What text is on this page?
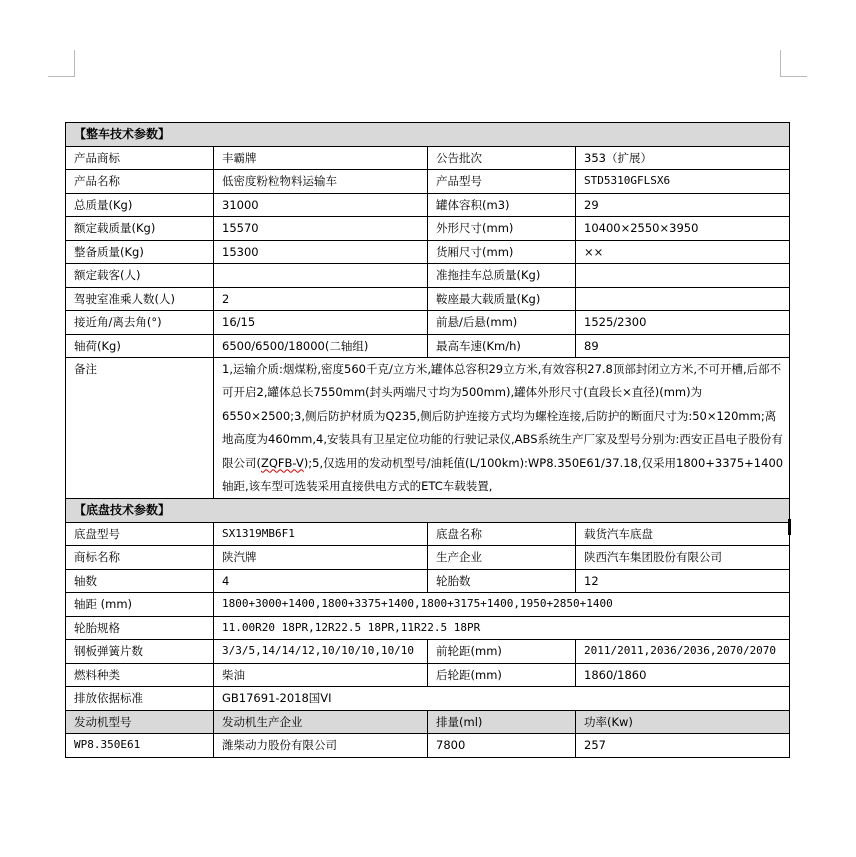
【整车技术参数】			
产品商标	丰霸牌	公告批次	353（扩展）
产品名称	低密度粉粒物料运输车	产品型号	STD5310GFLSX6
总质量(Kg)	31000	罐体容积(m3)	29
额定载质量(Kg)	15570	外形尺寸(mm)	10400×2550×3950
整备质量(Kg)	15300	货厢尺寸(mm)	××
额定载客(人)		准拖挂车总质量(Kg)	
驾驶室准乘人数(人)	2	鞍座最大载质量(Kg)	
接近角/离去角(°)	16/15	前悬/后悬(mm)	1525/2300
轴荷(Kg)	6500/6500/18000(二轴组)	最高车速(Km/h)	89
备注	1,运输介质:烟煤粉,密度560千克/立方米,罐体总容积29立方米,有效容积27.8顶部封闭立方米,不可开槽,后部不可开启2,罐体总长7550mm(封头两端尺寸均为500mm),罐体外形尺寸(直段长×直径)(mm)为6550×2500;3,侧后防护材质为Q235,侧后防护连接方式均为螺栓连接,后防护的断面尺寸为:50×120mm;离地高度为460mm,4,安装具有卫星定位功能的行驶记录仪,ABS系统生产厂家及型号分别为:西安正昌电子股份有限公司(ZQFB-V);5,仅选用的发动机型号/油耗值(L/100km):WP8.350E61/37.18,仅采用1800+3375+1400轴距,该车型可选装采用直接供电方式的ETC车载装置,		
【底盘技术参数】			
底盘型号	SX1319MB6F1	底盘名称	载货汽车底盘
商标名称	陕汽牌	生产企业	陕西汽车集团股份有限公司
轴数	4	轮胎数	12
轴距 (mm)	1800+3000+1400,1800+3375+1400,1800+3175+1400,1950+2850+1400		
轮胎规格	11.00R20 18PR,12R22.5 18PR,11R22.5 18PR		
钢板弹簧片数	3/3/5,14/14/12,10/10/10,10/10	前轮距(mm)	2011/2011,2036/2036,2070/2070
燃料种类	柴油	后轮距(mm)	1860/1860
排放依据标准	GB17691-2018国VI		
发动机型号	发动机生产企业	排量(ml)	功率(Kw)
WP8.350E61	潍柴动力股份有限公司	7800	257
